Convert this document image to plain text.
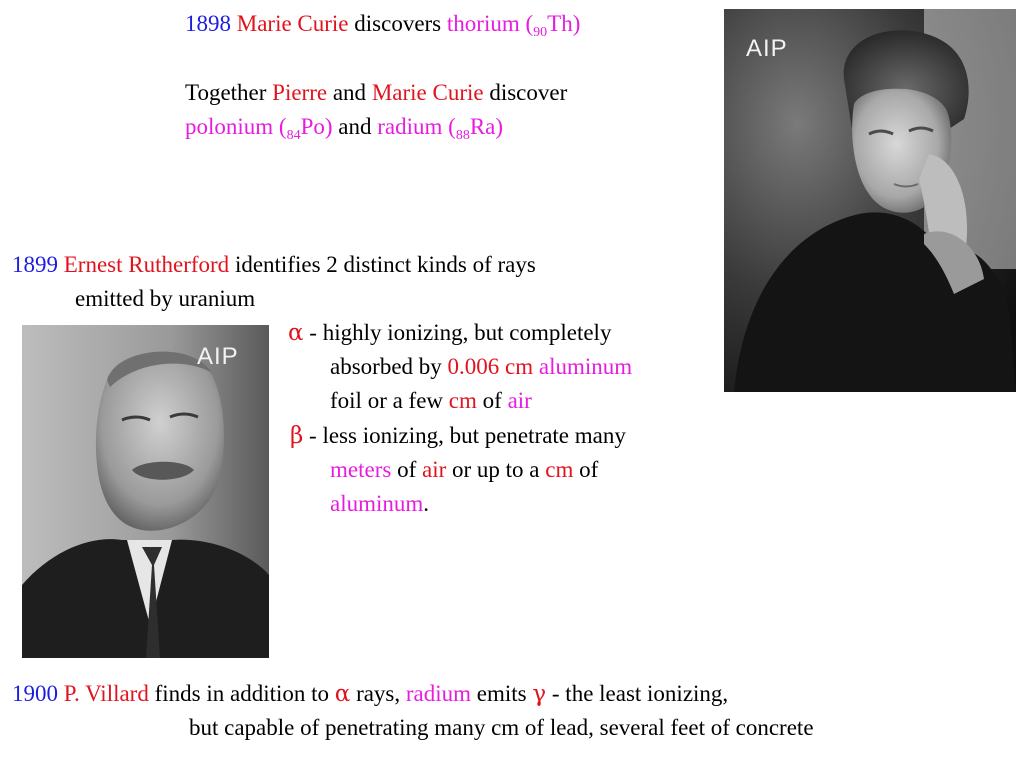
1898 Marie Curie discovers thorium $(_{90}Th)$
Together Pierre and Marie Curie discover
polonium $(_{84}Po)$ and radium $(_{88}Ra)$
AIP
1899 Ernest Rutherford identifies 2 distinct kinds of rays
emitted by uranium
α - highly ionizing, but completely
absorbed by 0.006 cm aluminum
foil or a few cm of air
β - less ionizing, but penetrate many
meters of air or up to a cm of
aluminum.
AIP
1900 P. Villard finds in addition to α rays, radium emits γ - the least ionizing,
but capable of penetrating many cm of lead, several feet of concrete
